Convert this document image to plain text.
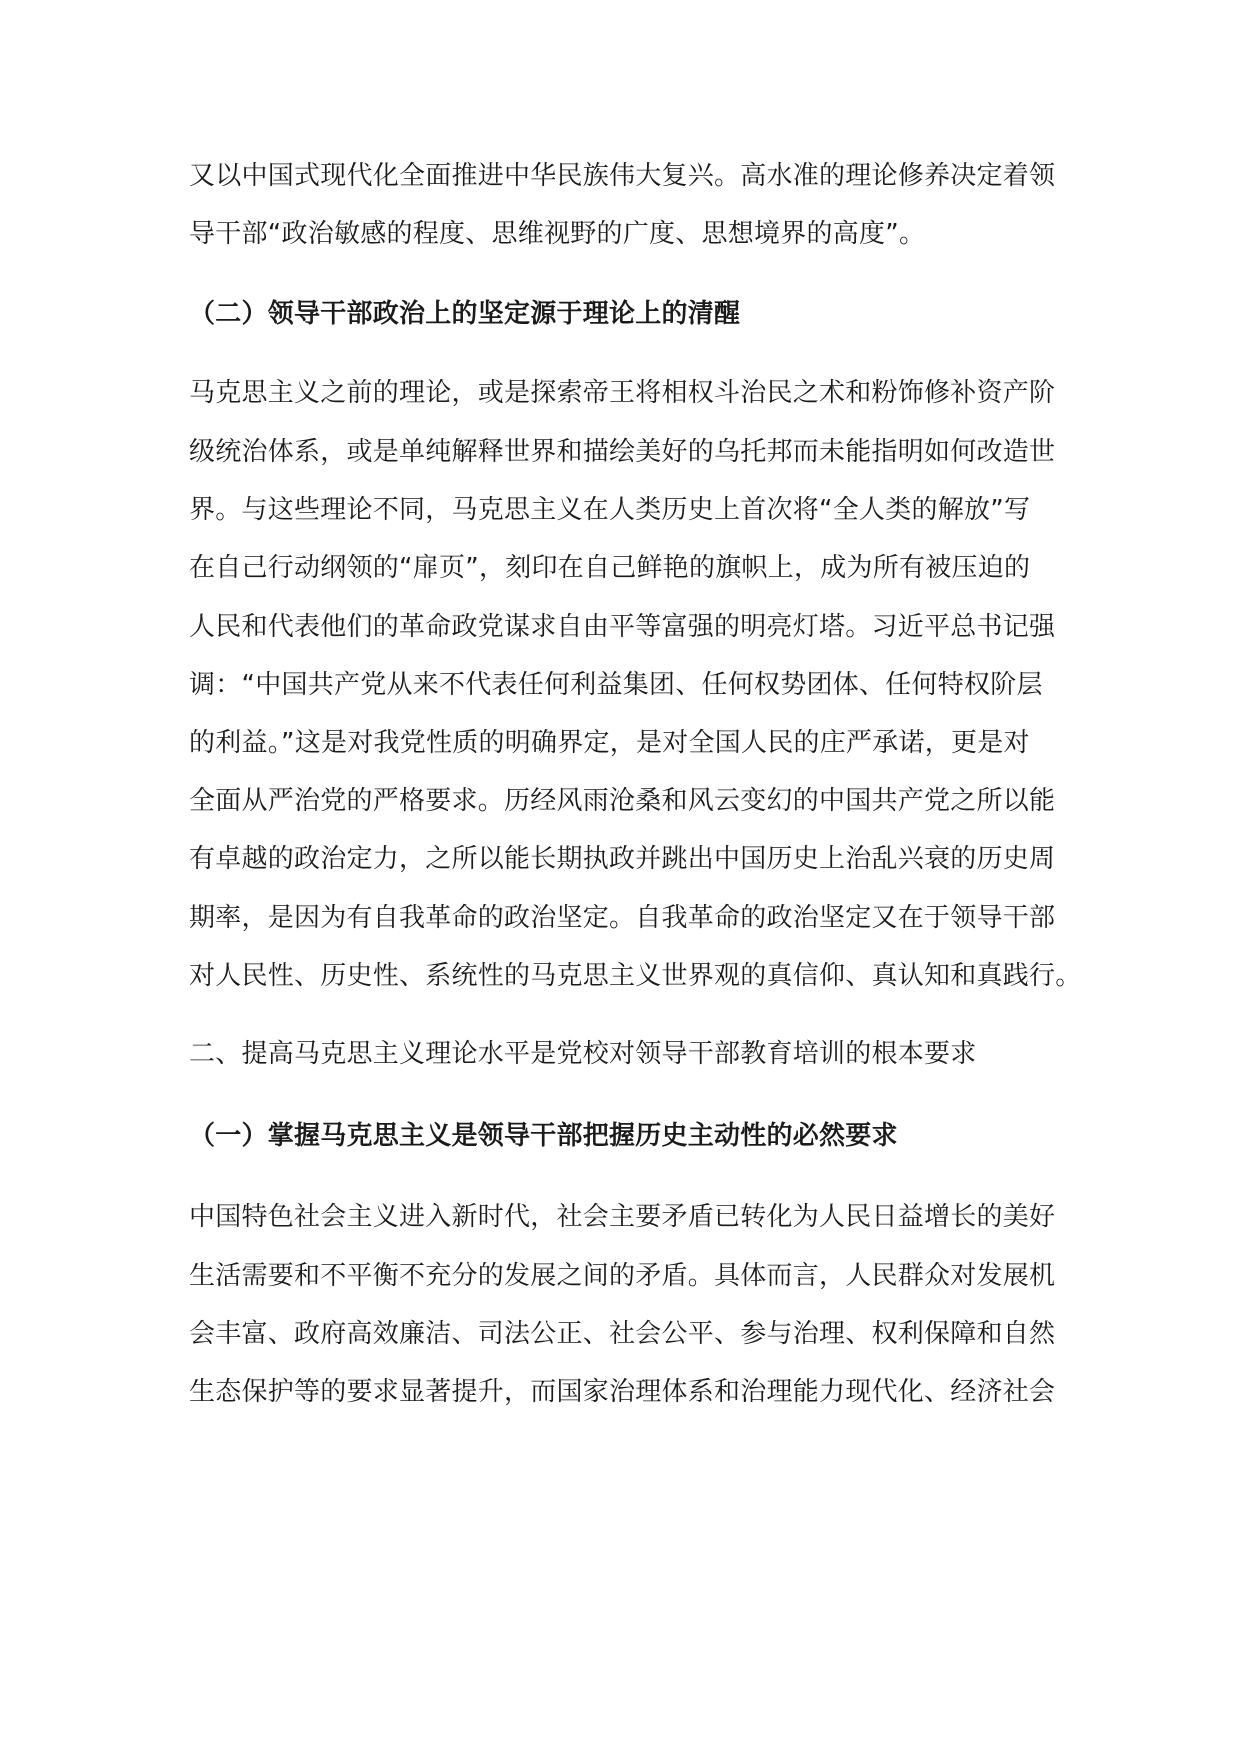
又以中国式现代化全面推进中华民族伟大复兴。高水准的理论修养决定着领
导干部“政治敏感的程度、思维视野的广度、思想境界的高度”。
（二）领导干部政治上的坚定源于理论上的清醒
马克思主义之前的理论，或是探索帝王将相权斗治民之术和粉饰修补资产阶
级统治体系，或是单纯解释世界和描绘美好的乌托邦而未能指明如何改造世
界。与这些理论不同，马克思主义在人类历史上首次将“全人类的解放”写
在自己行动纲领的“扉页”，刻印在自己鲜艳的旗帜上，成为所有被压迫的
人民和代表他们的革命政党谋求自由平等富强的明亮灯塔。习近平总书记强
调：“中国共产党从来不代表任何利益集团、任何权势团体、任何特权阶层
的利益。”这是对我党性质的明确界定，是对全国人民的庄严承诺，更是对
全面从严治党的严格要求。历经风雨沧桑和风云变幻的中国共产党之所以能
有卓越的政治定力，之所以能长期执政并跳出中国历史上治乱兴衰的历史周
期率，是因为有自我革命的政治坚定。自我革命的政治坚定又在于领导干部
对人民性、历史性、系统性的马克思主义世界观的真信仰、真认知和真践行。
二、提高马克思主义理论水平是党校对领导干部教育培训的根本要求
（一）掌握马克思主义是领导干部把握历史主动性的必然要求
中国特色社会主义进入新时代，社会主要矛盾已转化为人民日益增长的美好
生活需要和不平衡不充分的发展之间的矛盾。具体而言，人民群众对发展机
会丰富、政府高效廉洁、司法公正、社会公平、参与治理、权利保障和自然
生态保护等的要求显著提升，而国家治理体系和治理能力现代化、经济社会
